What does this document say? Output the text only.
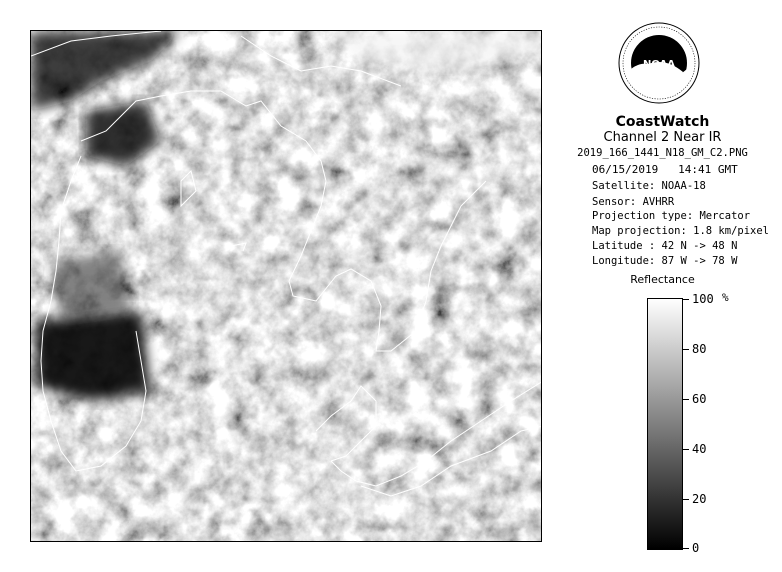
NOAA
CoastWatch
Channel 2 Near IR
2019_166_1441_N18_GM_C2.PNG
06/15/2019 14:41 GMT
Satellite: NOAA-18
Sensor: AVHRR
Projection type: Mercator
Map projection: 1.8 km/pixel
Latitude : 42 N -> 48 N
Longitude: 87 W -> 78 W
Reflectance
%
100
80
60
40
20
0
